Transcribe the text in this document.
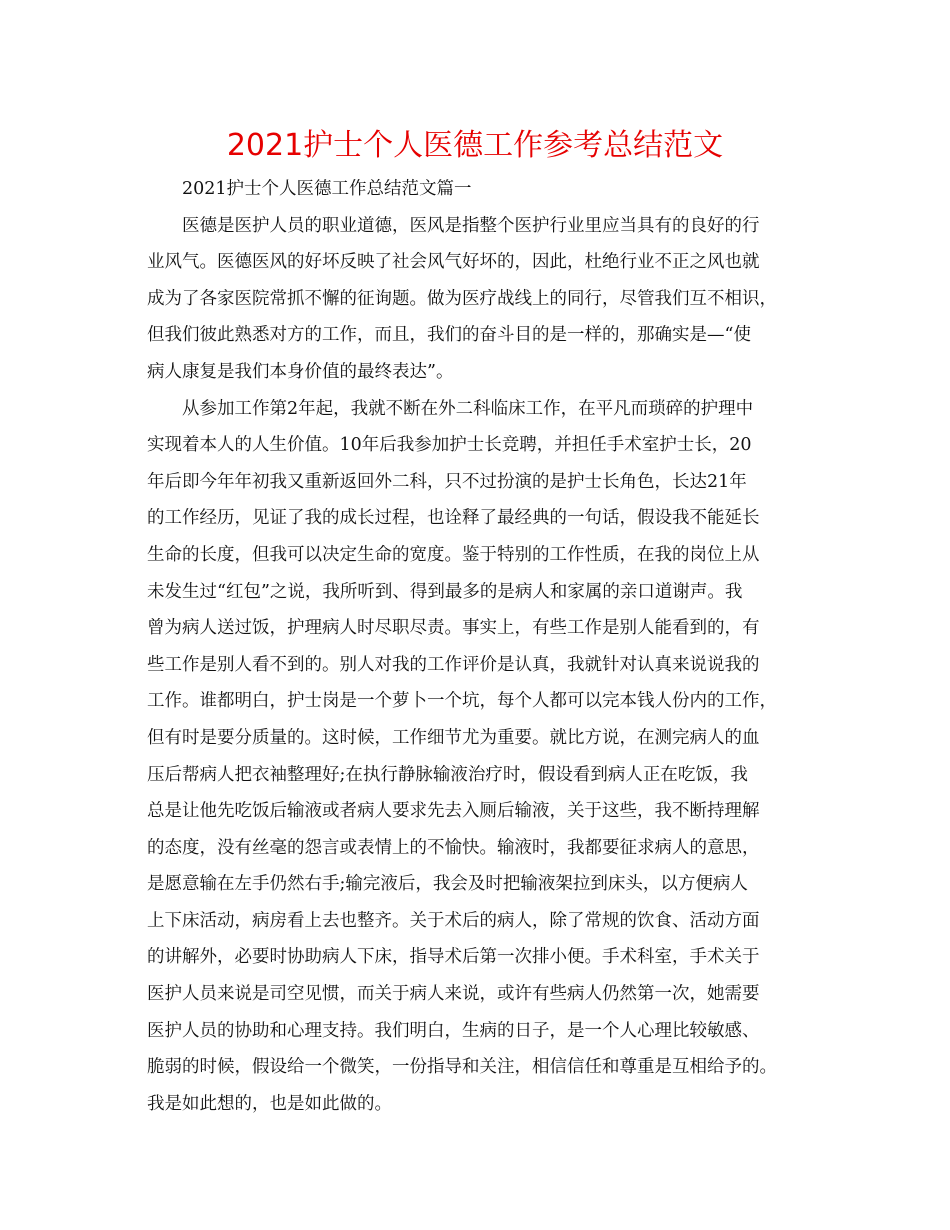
2021护士个人医德工作参考总结范文
2021护士个人医德工作总结范文篇一
医德是医护人员的职业道德，医风是指整个医护行业里应当具有的良好的行
业风气。医德医风的好坏反映了社会风气好坏的，因此，杜绝行业不正之风也就
成为了各家医院常抓不懈的征询题。做为医疗战线上的同行，尽管我们互不相识，
但我们彼此熟悉对方的工作，而且，我们的奋斗目的是一样的，那确实是—“使
病人康复是我们本身价值的最终表达”。
从参加工作第2年起，我就不断在外二科临床工作，在平凡而琐碎的护理中
实现着本人的人生价值。10年后我参加护士长竞聘，并担任手术室护士长，20
年后即今年年初我又重新返回外二科，只不过扮演的是护士长角色，长达21年
的工作经历，见证了我的成长过程，也诠释了最经典的一句话，假设我不能延长
生命的长度，但我可以决定生命的宽度。鉴于特别的工作性质，在我的岗位上从
未发生过“红包”之说，我所听到、得到最多的是病人和家属的亲口道谢声。我
曾为病人送过饭，护理病人时尽职尽责。事实上，有些工作是别人能看到的，有
些工作是别人看不到的。别人对我的工作评价是认真，我就针对认真来说说我的
工作。谁都明白，护士岗是一个萝卜一个坑，每个人都可以完本钱人份内的工作，
但有时是要分质量的。这时候，工作细节尤为重要。就比方说，在测完病人的血
压后帮病人把衣袖整理好;在执行静脉输液治疗时，假设看到病人正在吃饭，我
总是让他先吃饭后输液或者病人要求先去入厕后输液，关于这些，我不断持理解
的态度，没有丝毫的怨言或表情上的不愉快。输液时，我都要征求病人的意思，
是愿意输在左手仍然右手;输完液后，我会及时把输液架拉到床头，以方便病人
上下床活动，病房看上去也整齐。关于术后的病人，除了常规的饮食、活动方面
的讲解外，必要时协助病人下床，指导术后第一次排小便。手术科室，手术关于
医护人员来说是司空见惯，而关于病人来说，或许有些病人仍然第一次，她需要
医护人员的协助和心理支持。我们明白，生病的日子，是一个人心理比较敏感、
脆弱的时候，假设给一个微笑，一份指导和关注，相信信任和尊重是互相给予的。
我是如此想的，也是如此做的。
